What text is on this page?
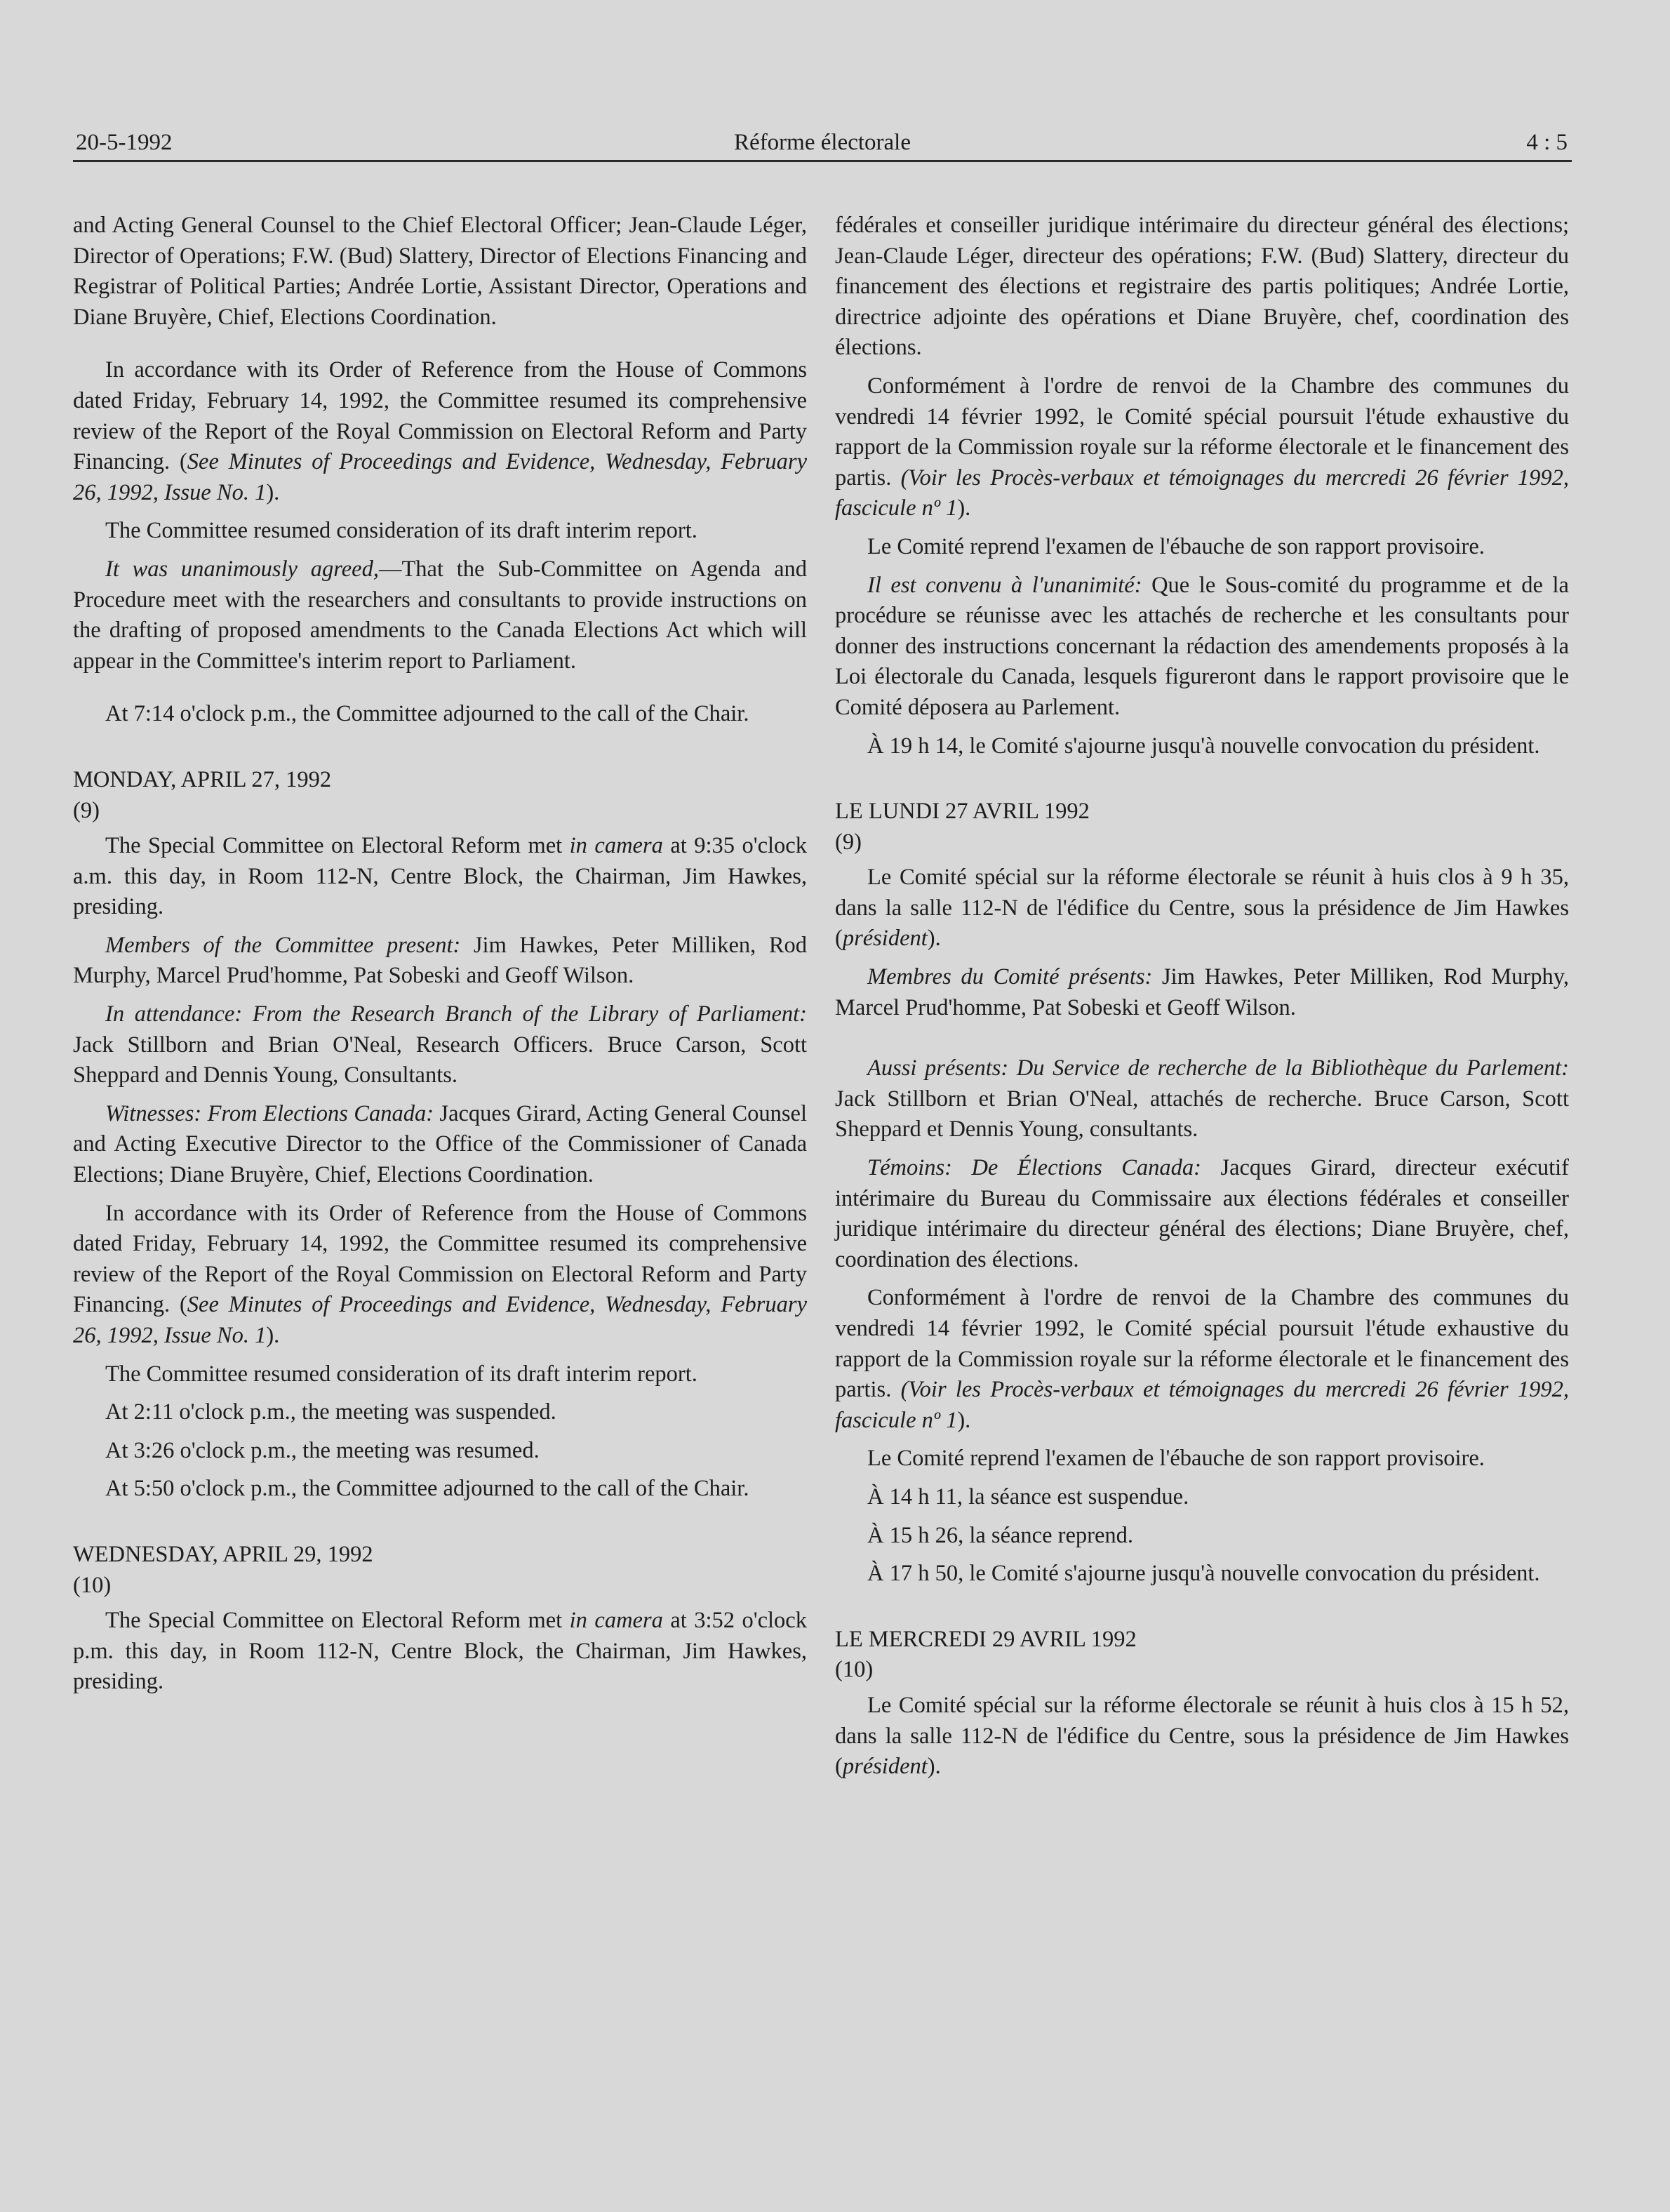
20-5-1992	Réforme électorale	4 : 5

and Acting General Counsel to the Chief Electoral Officer; Jean-Claude Léger, Director of Operations; F.W. (Bud) Slattery, Director of Elections Financing and Registrar of Political Parties; Andrée Lortie, Assistant Director, Operations and Diane Bruyère, Chief, Elections Coordination.

In accordance with its Order of Reference from the House of Commons dated Friday, February 14, 1992, the Committee resumed its comprehensive review of the Report of the Royal Commission on Electoral Reform and Party Financing. (See Minutes of Proceedings and Evidence, Wednesday, February 26, 1992, Issue No. 1).

The Committee resumed consideration of its draft interim report.

It was unanimously agreed,—That the Sub-Committee on Agenda and Procedure meet with the researchers and consultants to provide instructions on the drafting of proposed amendments to the Canada Elections Act which will appear in the Committee's interim report to Parliament.

At 7:14 o'clock p.m., the Committee adjourned to the call of the Chair.

MONDAY, APRIL 27, 1992
(9)

The Special Committee on Electoral Reform met in camera at 9:35 o'clock a.m. this day, in Room 112-N, Centre Block, the Chairman, Jim Hawkes, presiding.

Members of the Committee present: Jim Hawkes, Peter Milliken, Rod Murphy, Marcel Prud'homme, Pat Sobeski and Geoff Wilson.

In attendance: From the Research Branch of the Library of Parliament: Jack Stillborn and Brian O'Neal, Research Officers. Bruce Carson, Scott Sheppard and Dennis Young, Consultants.

Witnesses: From Elections Canada: Jacques Girard, Acting General Counsel and Acting Executive Director to the Office of the Commissioner of Canada Elections; Diane Bruyère, Chief, Elections Coordination.

In accordance with its Order of Reference from the House of Commons dated Friday, February 14, 1992, the Committee resumed its comprehensive review of the Report of the Royal Commission on Electoral Reform and Party Financing. (See Minutes of Proceedings and Evidence, Wednesday, February 26, 1992, Issue No. 1).

The Committee resumed consideration of its draft interim report.

At 2:11 o'clock p.m., the meeting was suspended.

At 3:26 o'clock p.m., the meeting was resumed.

At 5:50 o'clock p.m., the Committee adjourned to the call of the Chair.

WEDNESDAY, APRIL 29, 1992
(10)

The Special Committee on Electoral Reform met in camera at 3:52 o'clock p.m. this day, in Room 112-N, Centre Block, the Chairman, Jim Hawkes, presiding.

fédérales et conseiller juridique intérimaire du directeur général des élections; Jean-Claude Léger, directeur des opérations; F.W. (Bud) Slattery, directeur du financement des élections et registraire des partis politiques; Andrée Lortie, directrice adjointe des opérations et Diane Bruyère, chef, coordination des élections.

Conformément à l'ordre de renvoi de la Chambre des communes du vendredi 14 février 1992, le Comité spécial poursuit l'étude exhaustive du rapport de la Commission royale sur la réforme électorale et le financement des partis. (Voir les Procès-verbaux et témoignages du mercredi 26 février 1992, fascicule nº 1).

Le Comité reprend l'examen de l'ébauche de son rapport provisoire.

Il est convenu à l'unanimité: Que le Sous-comité du programme et de la procédure se réunisse avec les attachés de recherche et les consultants pour donner des instructions concernant la rédaction des amendements proposés à la Loi électorale du Canada, lesquels figureront dans le rapport provisoire que le Comité déposera au Parlement.

À 19 h 14, le Comité s'ajourne jusqu'à nouvelle convocation du président.

LE LUNDI 27 AVRIL 1992
(9)

Le Comité spécial sur la réforme électorale se réunit à huis clos à 9 h 35, dans la salle 112-N de l'édifice du Centre, sous la présidence de Jim Hawkes (président).

Membres du Comité présents: Jim Hawkes, Peter Milliken, Rod Murphy, Marcel Prud'homme, Pat Sobeski et Geoff Wilson.

Aussi présents: Du Service de recherche de la Bibliothèque du Parlement: Jack Stillborn et Brian O'Neal, attachés de recherche. Bruce Carson, Scott Sheppard et Dennis Young, consultants.

Témoins: De Élections Canada: Jacques Girard, directeur exécutif intérimaire du Bureau du Commissaire aux élections fédérales et conseiller juridique intérimaire du directeur général des élections; Diane Bruyère, chef, coordination des élections.

Conformément à l'ordre de renvoi de la Chambre des communes du vendredi 14 février 1992, le Comité spécial poursuit l'étude exhaustive du rapport de la Commission royale sur la réforme électorale et le financement des partis. (Voir les Procès-verbaux et témoignages du mercredi 26 février 1992, fascicule nº 1).

Le Comité reprend l'examen de l'ébauche de son rapport provisoire.

À 14 h 11, la séance est suspendue.

À 15 h 26, la séance reprend.

À 17 h 50, le Comité s'ajourne jusqu'à nouvelle convocation du président.

LE MERCREDI 29 AVRIL 1992
(10)

Le Comité spécial sur la réforme électorale se réunit à huis clos à 15 h 52, dans la salle 112-N de l'édifice du Centre, sous la présidence de Jim Hawkes (président).
